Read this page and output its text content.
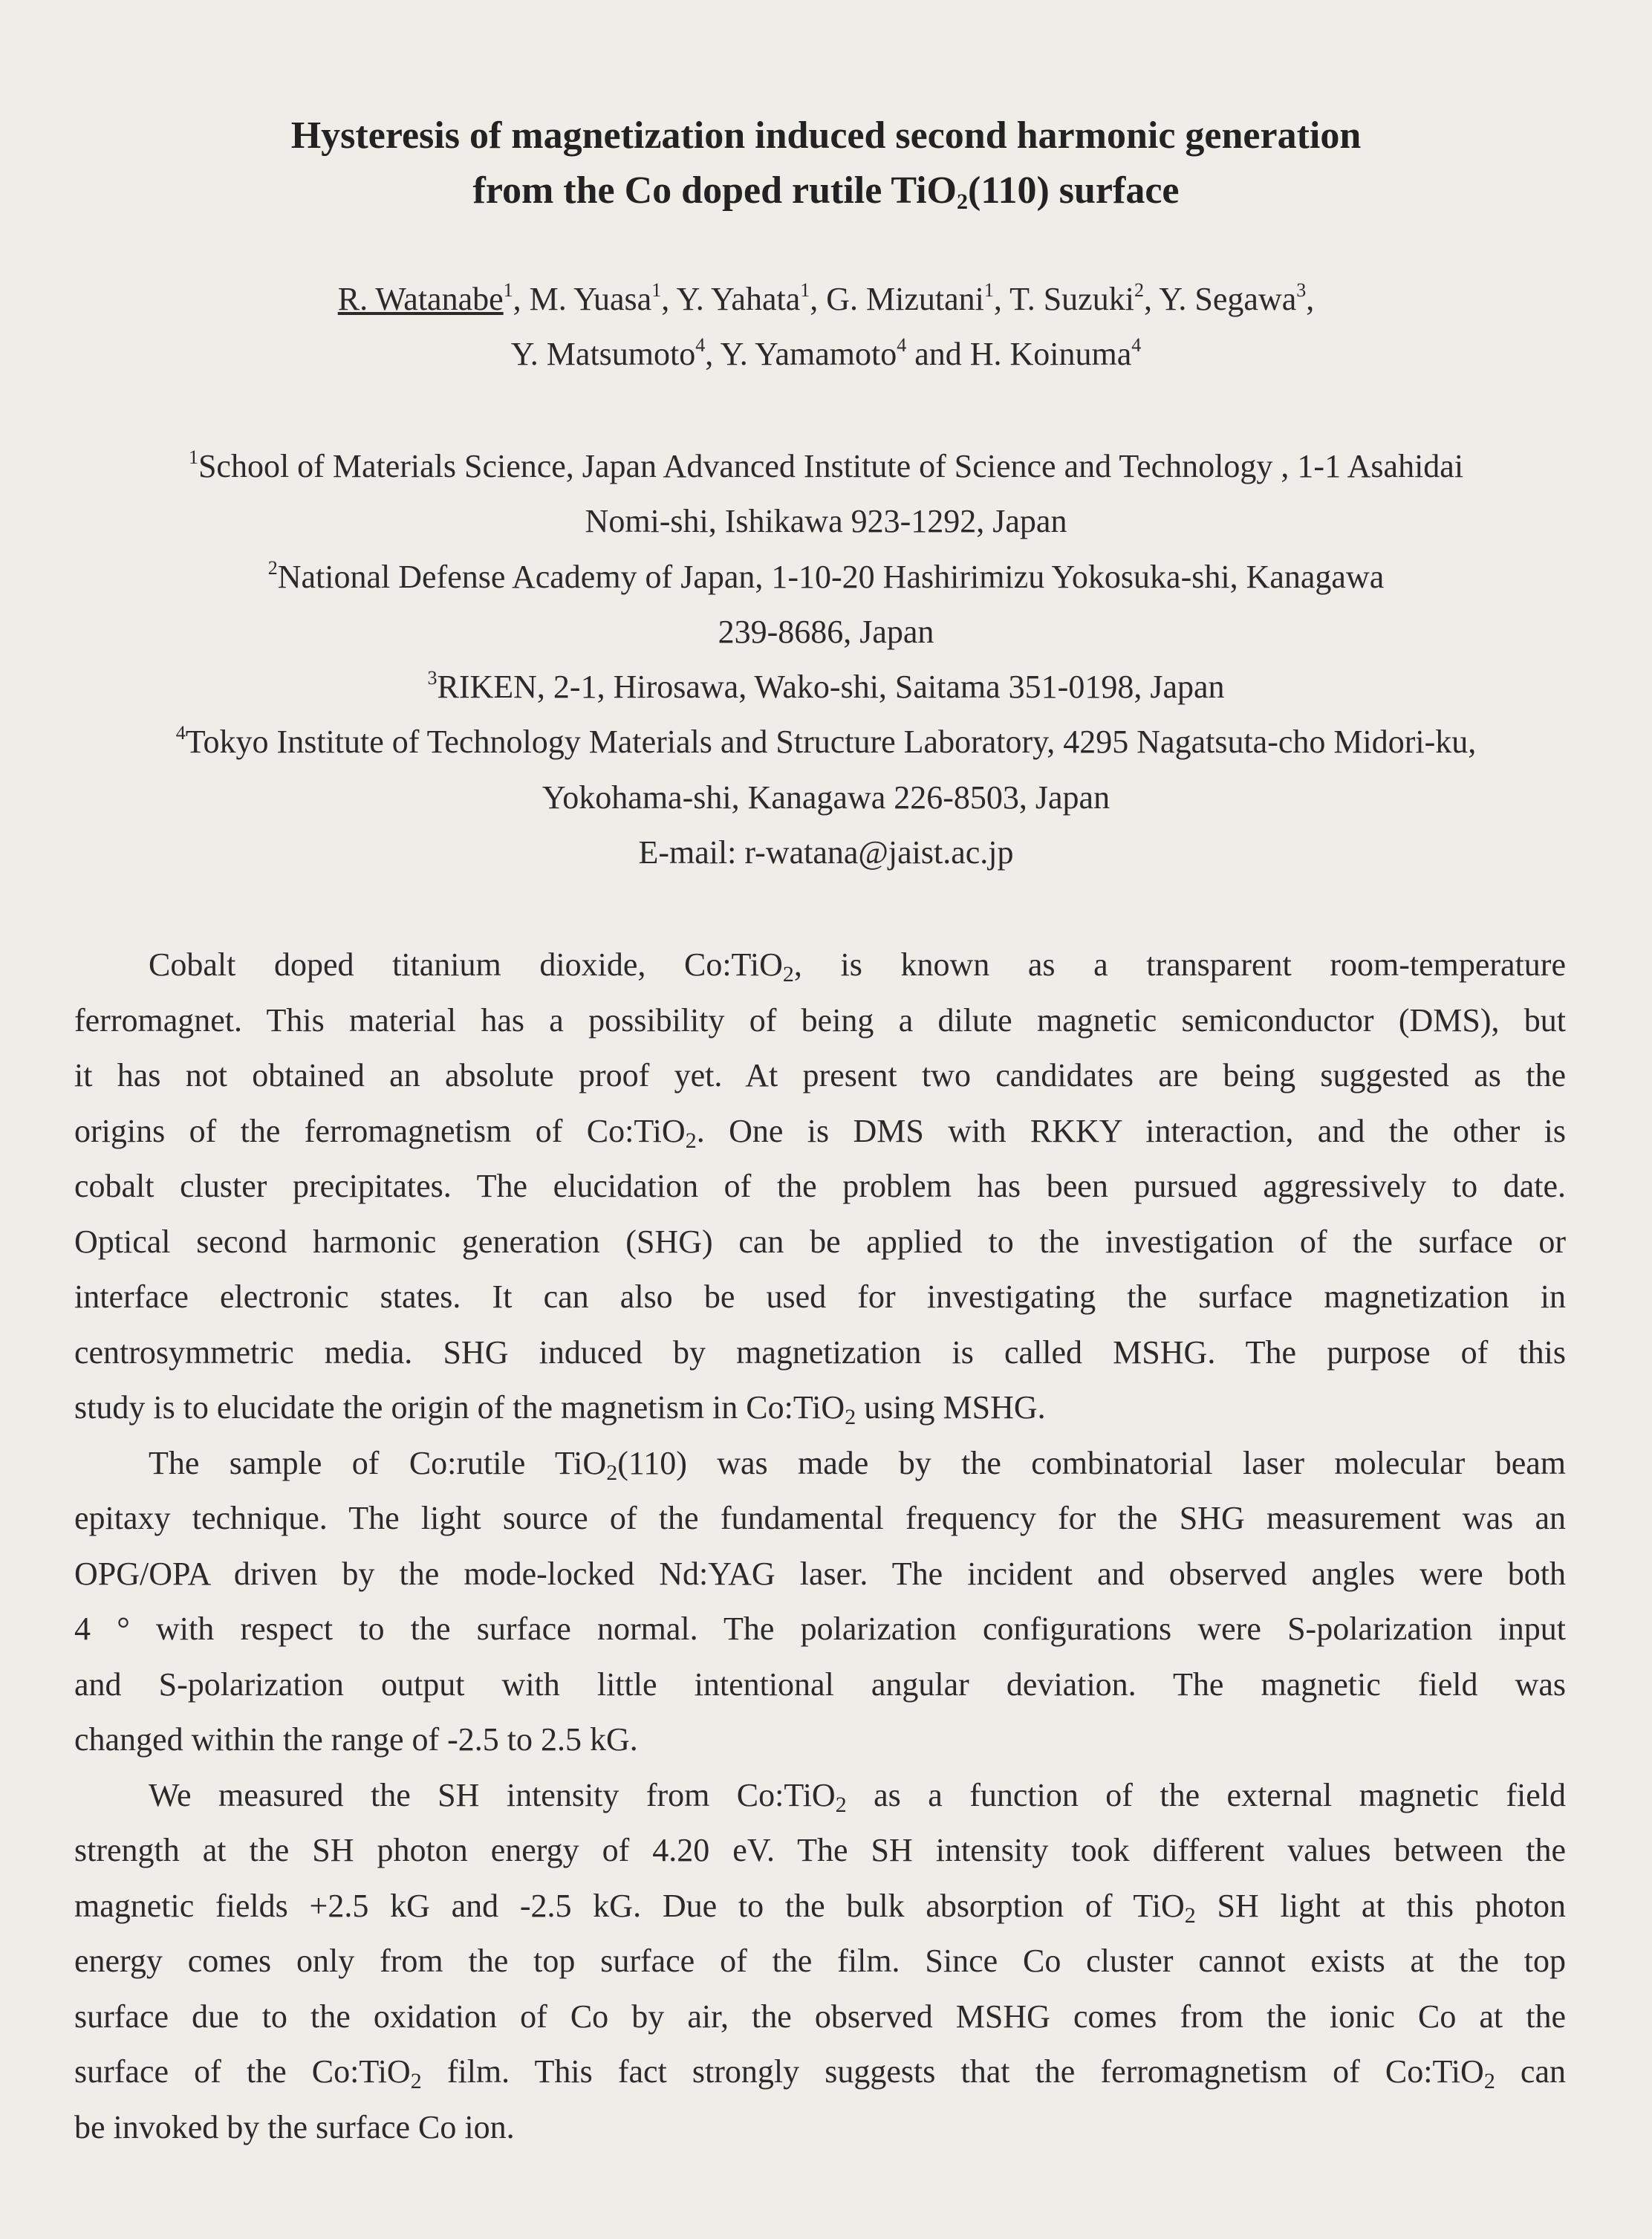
Hysteresis of magnetization induced second harmonic generation
from the Co doped rutile TiO$_2$(110) surface
R. Watanabe$^1$, M. Yuasa$^1$, Y. Yahata$^1$, G. Mizutani$^1$, T. Suzuki$^2$, Y. Segawa$^3$,
Y. Matsumoto$^4$, Y. Yamamoto$^4$ and H. Koinuma$^4$
$^1$School of Materials Science, Japan Advanced Institute of Science and Technology , 1-1 Asahidai
Nomi-shi, Ishikawa 923-1292, Japan
$^2$National Defense Academy of Japan, 1-10-20 Hashirimizu Yokosuka-shi, Kanagawa
239-8686, Japan
$^3$RIKEN, 2-1, Hirosawa, Wako-shi, Saitama 351-0198, Japan
$^4$Tokyo Institute of Technology Materials and Structure Laboratory, 4295 Nagatsuta-cho Midori-ku,
Yokohama-shi, Kanagawa 226-8503, Japan
E-mail: r-watana@jaist.ac.jp
Cobalt doped titanium dioxide, Co:TiO$_2$, is known as a transparent room-temperature
ferromagnet. This material has a possibility of being a dilute magnetic semiconductor (DMS), but
it has not obtained an absolute proof yet. At present two candidates are being suggested as the
origins of the ferromagnetism of Co:TiO$_2$. One is DMS with RKKY interaction, and the other is
cobalt cluster precipitates. The elucidation of the problem has been pursued aggressively to date.
Optical second harmonic generation (SHG) can be applied to the investigation of the surface or
interface electronic states. It can also be used for investigating the surface magnetization in
centrosymmetric media. SHG induced by magnetization is called MSHG. The purpose of this
study is to elucidate the origin of the magnetism in Co:TiO$_2$ using MSHG.
The sample of Co:rutile TiO$_2$(110) was made by the combinatorial laser molecular beam
epitaxy technique. The light source of the fundamental frequency for the SHG measurement was an
OPG/OPA driven by the mode-locked Nd:YAG laser. The incident and observed angles were both
4 ° with respect to the surface normal. The polarization configurations were S-polarization input
and S-polarization output with little intentional angular deviation. The magnetic field was
changed within the range of -2.5 to 2.5 kG.
We measured the SH intensity from Co:TiO$_2$ as a function of the external magnetic field
strength at the SH photon energy of 4.20 eV. The SH intensity took different values between the
magnetic fields +2.5 kG and -2.5 kG. Due to the bulk absorption of TiO$_2$ SH light at this photon
energy comes only from the top surface of the film. Since Co cluster cannot exists at the top
surface due to the oxidation of Co by air, the observed MSHG comes from the ionic Co at the
surface of the Co:TiO$_2$ film. This fact strongly suggests that the ferromagnetism of Co:TiO$_2$ can
be invoked by the surface Co ion.
